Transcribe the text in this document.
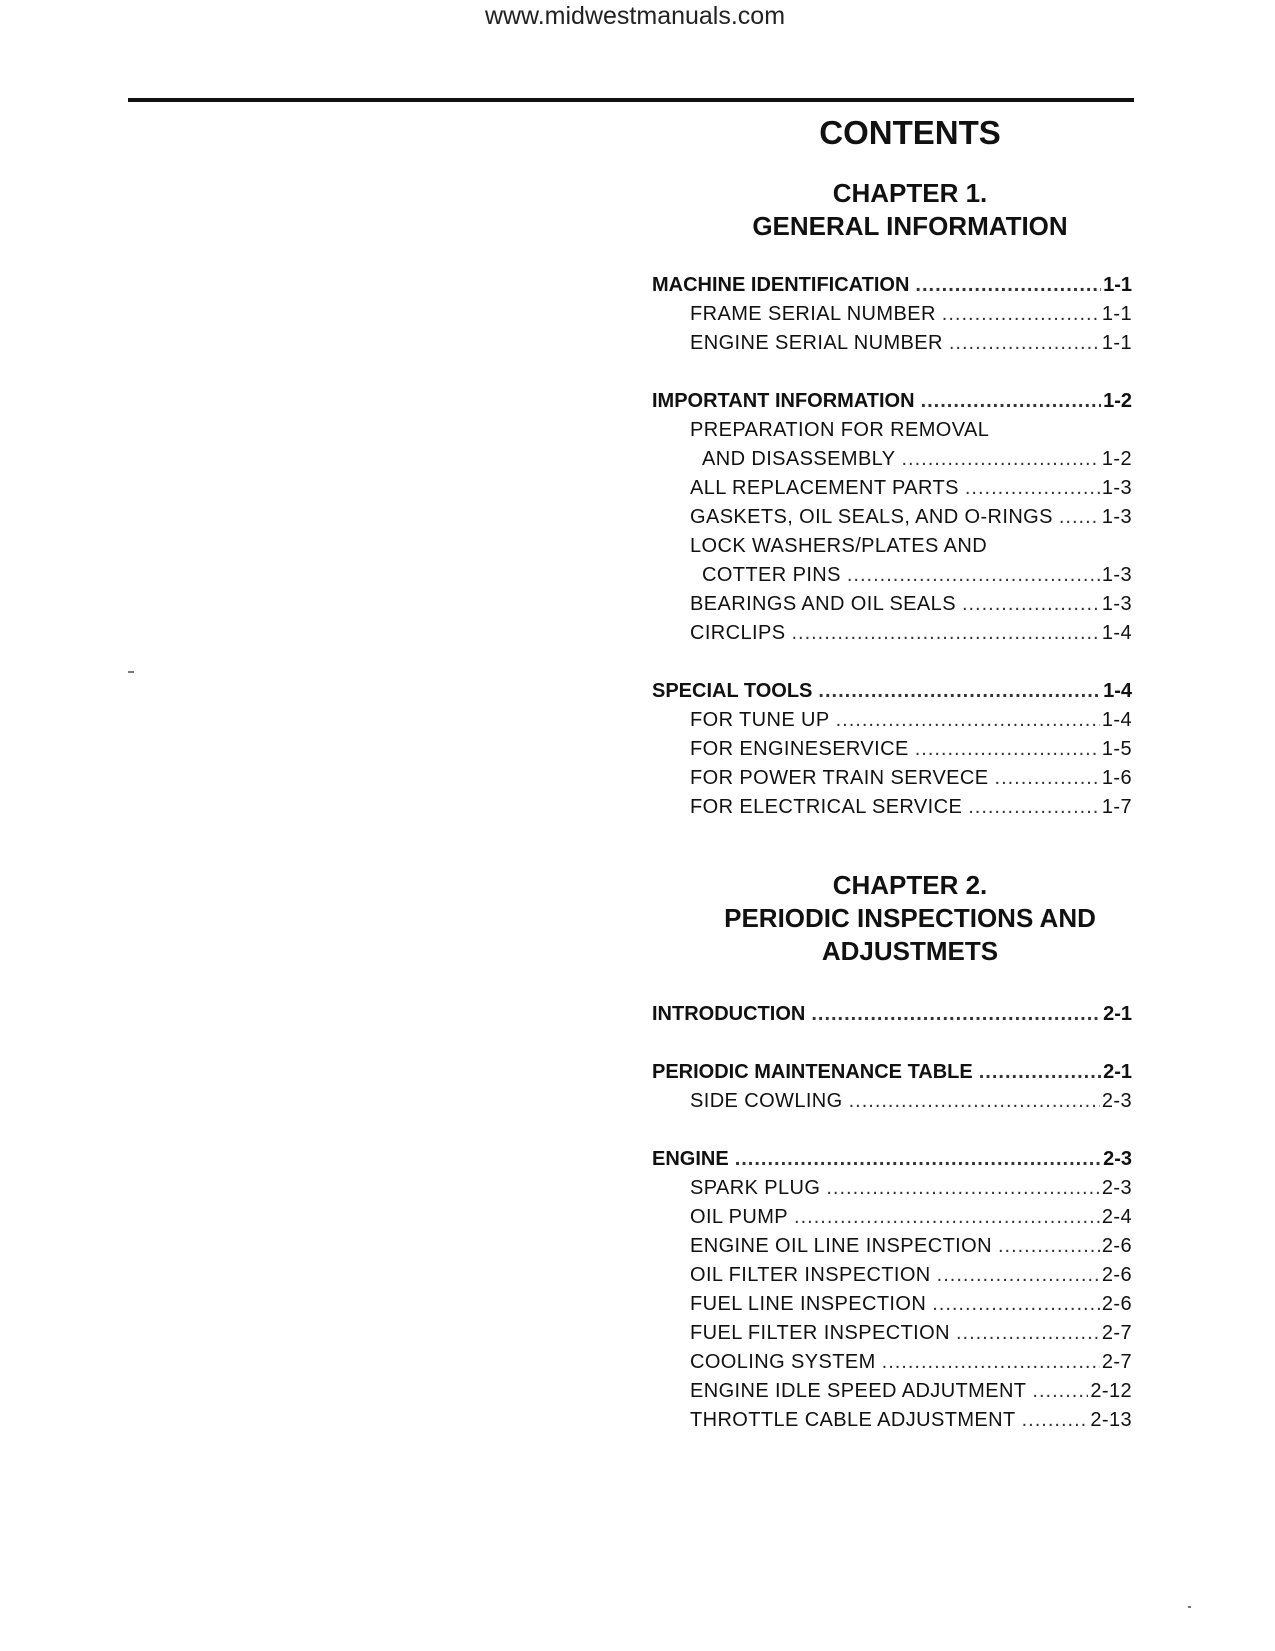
www.midwestmanuals.com
CONTENTS
CHAPTER 1.
GENERAL INFORMATION
MACHINE IDENTIFICATION .....	1-1
FRAME SERIAL NUMBER .....	1-1
ENGINE SERIAL NUMBER .....	1-1
IMPORTANT INFORMATION .....	1-2
PREPARATION FOR REMOVAL
AND DISASSEMBLY .....	1-2
ALL REPLACEMENT PARTS .....	1-3
GASKETS, OIL SEALS, AND O-RINGS ..... 1-3
LOCK WASHERS/PLATES AND
COTTER PINS .....	1-3
BEARINGS AND OIL SEALS .....	1-3
CIRCLIPS .....	1-4
SPECIAL TOOLS .....	1-4
FOR TUNE UP .....	1-4
FOR ENGINESERVICE .....	1-5
FOR POWER TRAIN SERVECE .....	1-6
FOR ELECTRICAL SERVICE .....	1-7
CHAPTER 2.
PERIODIC INSPECTIONS AND
ADJUSTMETS
INTRODUCTION .....	2-1
PERIODIC MAINTENANCE TABLE .....	2-1
SIDE COWLING .....	2-3
ENGINE .....	2-3
SPARK PLUG .....	2-3
OIL PUMP .....	2-4
ENGINE OIL LINE INSPECTION .....	2-6
OIL FILTER INSPECTION .....	2-6
FUEL LINE INSPECTION .....	2-6
FUEL FILTER INSPECTION .....	2-7
COOLING SYSTEM .....	2-7
ENGINE IDLE SPEED ADJUTMENT .....	2-12
THROTTLE CABLE ADJUSTMENT .....	2-13
